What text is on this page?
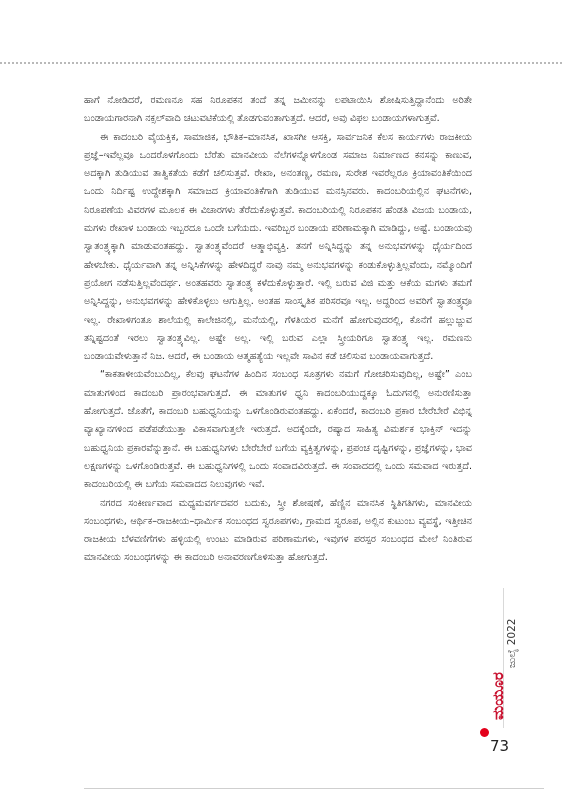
ಹಾಗೆ ನೋಡಿದರೆ, ರಮಣನೂ ಸಹ ನಿರೂಪಕನ ತಂದೆ ತನ್ನ ಜಮೀನನ್ನು ಲಪಟಾಯಿಸಿ ಶೋಷಿಸುತ್ತಿದ್ದಾನೆಂದು ಅರಿತೇ ಬಂಡಾಯಗಾರನಾಗಿ ನಕ್ಸಲ್‌ವಾದಿ ಚಟುವಟಿಕೆಯಲ್ಲಿ ತೊಡಗುವಂತಾಗುತ್ತದೆ. ಆದರೆ, ಅವು ವಿಫಲ ಬಂಡಾಯಗಳಾಗುತ್ತವೆ.

ಈ ಕಾದಂಬರಿ ವೈಯಕ್ತಿಕ, ಸಾಮಾಜಿಕ, ಭೌತಿಕ–ಮಾನಸಿಕ, ಖಾಸಗೀ ಆಸಕ್ತಿ, ಸಾರ್ವಜನಿಕ ಕೆಲಸ ಕಾರ್ಯಗಳು ರಾಜಕೀಯ ಪ್ರಜ್ಞೆ–ಇವೆಲ್ಲವೂ ಒಂದರೊಳಗೊಂದು ಬೆರೆತು ಮಾನವೀಯ ನೆಲೆಗಳನ್ನೊಳಗೊಂಡ ಸಮಾಜ ನಿರ್ಮಾಣದ ಕನಸನ್ನು ಕಾಣುವ, ಅದಕ್ಕಾಗಿ ತುಡಿಯುವ ತಾತ್ವಿಕತೆಯ ಕಡೆಗೆ ಚಲಿಸುತ್ತವೆ. ರೇಖಾ, ಅನಂತಣ್ಣ, ರಮಣ, ಸುರೇಶ ಇವರೆಲ್ಲರೂ ಕ್ರಿಯಾವಂತಿಕೆಯಿಂದ ಒಂದು ನಿರ್ದಿಷ್ಟ ಉದ್ದೇಶಕ್ಕಾಗಿ ಸಮಾಜದ ಕ್ರಿಯಾವಂತಿಕೆಗಾಗಿ ತುಡಿಯುವ ಮನಸ್ಸಿನವರು. ಕಾದಂಬರಿಯಲ್ಲಿನ ಘಟನೆಗಳು, ನಿರೂಪಣೆಯ ವಿವರಗಳ ಮೂಲಕ ಈ ವಿಚಾರಗಳು ತೆರೆದುಕೊಳ್ಳುತ್ತವೆ. ಕಾದಂಬರಿಯಲ್ಲಿ ನಿರೂಪಕನ ಹೆಂಡತಿ ವಿಜಯ ಬಂಡಾಯ, ಮಗಳು ರೇಖಾಳ ಬಂಡಾಯ ಇಬ್ಬರದೂ ಒಂದೇ ಬಗೆಯದು. ಇವರಿಬ್ಬರ ಬಂಡಾಯ ಪರಿಣಾಮಕ್ಕಾಗಿ ಮಾಡಿದ್ದು, ಅಷ್ಟೆ. ಬಂಡಾಯವು ಸ್ವಾತಂತ್ರ್ಯಕ್ಕಾಗಿ ಮಾಡುವಂತಹದ್ದು. ಸ್ವಾತಂತ್ರ್ಯವೆಂದರೆ ಆತ್ಮಾಭಿವ್ಯಕ್ತಿ. ತನಗೆ ಅನ್ನಿಸಿದ್ದನ್ನು ತನ್ನ ಅನುಭವಗಳನ್ನು ಧೈರ್ಯದಿಂದ ಹೇಳಬೇಕು. ಧೈರ್ಯವಾಗಿ ತನ್ನ ಅನ್ನಿಸಿಕೆಗಳನ್ನು ಹೇಳದಿದ್ದರೆ ನಾವು ನಮ್ಮ ಅನುಭವಗಳನ್ನು ಕಂಡುಕೊಳ್ಳುತ್ತಿಲ್ಲವೆಂದು, ನಮ್ಮೊಂದಿಗೆ ಪ್ರಯೋಗ ನಡೆಸುತ್ತಿಲ್ಲವೆಂದರ್ಥ. ಅಂತಹವರು ಸ್ವಾತಂತ್ರ್ಯ ಕಳೆದುಕೊಳ್ಳುತ್ತಾರೆ. ಇಲ್ಲಿ ಬರುವ ವಿಜಿ ಮತ್ತು ಆಕೆಯ ಮಗಳು ತಮಗೆ ಅನ್ನಿಸಿದ್ದನ್ನು, ಅನುಭವಗಳನ್ನು ಹೇಳಿಕೊಳ್ಳಲು ಆಗುತ್ತಿಲ್ಲ. ಅಂತಹ ಸಾಂಸ್ಕೃತಿಕ ಪರಿಸರವೂ ಇಲ್ಲ. ಅದ್ದರಿಂದ ಅವರಿಗೆ ಸ್ವಾತಂತ್ರ್ಯವೂ ಇಲ್ಲ. ರೇಖಾಳಿಗಂತೂ ಶಾಲೆಯಲ್ಲಿ ಕಾಲೇಜಿನಲ್ಲಿ, ಮನೆಯಲ್ಲಿ, ಗೆಳತಿಯರ ಮನೆಗೆ ಹೋಗುವುದರಲ್ಲಿ, ಕೊನೆಗೆ ಹಲ್ಲುಜ್ಜುವ ತನ್ನಿಷ್ಟದಂತೆ ಇರಲು ಸ್ವಾತಂತ್ರ್ಯವಿಲ್ಲ. ಅಷ್ಟೇ ಅಲ್ಲ. ಇಲ್ಲಿ ಬರುವ ಎಲ್ಲಾ ಸ್ತ್ರೀಯರಿಗೂ ಸ್ವಾತಂತ್ರ್ಯ ಇಲ್ಲ. ರಮಣನು ಬಂಡಾಯವೇಳುತ್ತಾನೆ ನಿಜ. ಆದರೆ, ಈ ಬಂಡಾಯ ಆತ್ಮಹತ್ಯೆಯ ಇಲ್ಲವೇ ಸಾವಿನ ಕಡೆ ಚಲಿಸುವ ಬಂಡಾಯವಾಗುತ್ತದೆ.

“ಕಾಕತಾಳೀಯವೆಂಬುದಿಲ್ಲ, ಕೆಲವು ಘಟನೆಗಳ ಹಿಂದಿನ ಸಂಬಂಧ ಸೂತ್ರಗಳು ನಮಗೆ ಗೋಚರಿಸುವುದಿಲ್ಲ, ಅಷ್ಟೇ” ಎಂಬ ಮಾತುಗಳಿಂದ ಕಾದಂಬರಿ ಪ್ರಾರಂಭವಾಗುತ್ತದೆ. ಈ ಮಾತುಗಳ ಧ್ವನಿ ಕಾದಂಬರಿಯುದ್ದಕ್ಕೂ ಓದುಗನಲ್ಲಿ ಅನುರಣಿಸುತ್ತಾ ಹೋಗುತ್ತದೆ. ಜೊತೆಗೆ, ಕಾದಂಬರಿ ಬಹುಧ್ವನಿಯನ್ನು ಒಳಗೊಂಡಿರುವಂತಹದ್ದು. ಏಕೆಂದರೆ, ಕಾದಂಬರಿ ಪ್ರಕಾರ ಬೇರೆಬೇರೆ ವಿಭಿನ್ನ ವ್ಯಾಖ್ಯಾನಗಳಿಂದ ಪಡೆಪಡೆಯುತ್ತಾ ವಿಕಾಸವಾಗುತ್ತಲೇ ಇರುತ್ತದೆ. ಅದಕ್ಕೆಂದೇ, ರಷ್ಯಾದ ಸಾಹಿತ್ಯ ವಿಮರ್ಶಕ ಭಾಕ್ತಿನ್ ಇದನ್ನು ಬಹುಧ್ವನಿಯ ಪ್ರಕಾರವೆನ್ನುತ್ತಾನೆ. ಈ ಬಹುಧ್ವನಿಗಳು ಬೇರೆಬೇರೆ ಬಗೆಯ ವ್ಯಕ್ತಿತ್ವಗಳನ್ನು, ಪ್ರಪಂಚ ದೃಷ್ಟಿಗಳನ್ನು, ಪ್ರಜ್ಞೆಗಳನ್ನು, ಭಾವ ಲಕ್ಷಣಗಳನ್ನು ಒಳಗೊಂಡಿರುತ್ತವೆ. ಈ ಬಹುಧ್ವನಿಗಳಲ್ಲಿ ಒಂದು ಸಂವಾದವಿರುತ್ತದೆ. ಈ ಸಂವಾದದಲ್ಲಿ ಒಂದು ಸಮವಾದ ಇರುತ್ತದೆ. ಕಾದಂಬರಿಯಲ್ಲಿ ಈ ಬಗೆಯ ಸಮವಾದದ ನಿಲುವುಗಳು ಇವೆ.

ನಗರದ ಸಂಕೀರ್ಣವಾದ ಮಧ್ಯಮವರ್ಗದವರ ಬದುಕು, ಸ್ತ್ರೀ ಶೋಷಣೆ, ಹೆಣ್ಣಿನ ಮಾನಸಿಕ ಸ್ಥಿತಿಗತಿಗಳು, ಮಾನವೀಯ ಸಂಬಂಧಗಳು, ಆರ್ಥಿಕ–ರಾಜಕೀಯ–ಧಾರ್ಮಿಕ ಸಂಬಂಧದ ಸ್ವರೂಪಗಳು, ಗ್ರಾಮದ ಸ್ವರೂಪ, ಅಲ್ಲಿನ ಕುಟುಂಬ ವ್ಯವಸ್ಥೆ, ಇತ್ತೀಚಿನ ರಾಜಕೀಯ ಬೆಳವಣಿಗೆಗಳು ಹಳ್ಳಿಯಲ್ಲಿ ಉಂಟು ಮಾಡಿರುವ ಪರಿಣಾಮಗಳು, ಇವುಗಳ ಪರಸ್ಪರ ಸಂಬಂಧದ ಮೇಲೆ ನಿಂತಿರುವ ಮಾನವೀಯ ಸಂಬಂಧಗಳನ್ನು ಈ ಕಾದಂಬರಿ ಅನಾವರಣಗೊಳಿಸುತ್ತಾ ಹೋಗುತ್ತದೆ.

ಮಯೂರ
ಜುಲೈ 2022
73
